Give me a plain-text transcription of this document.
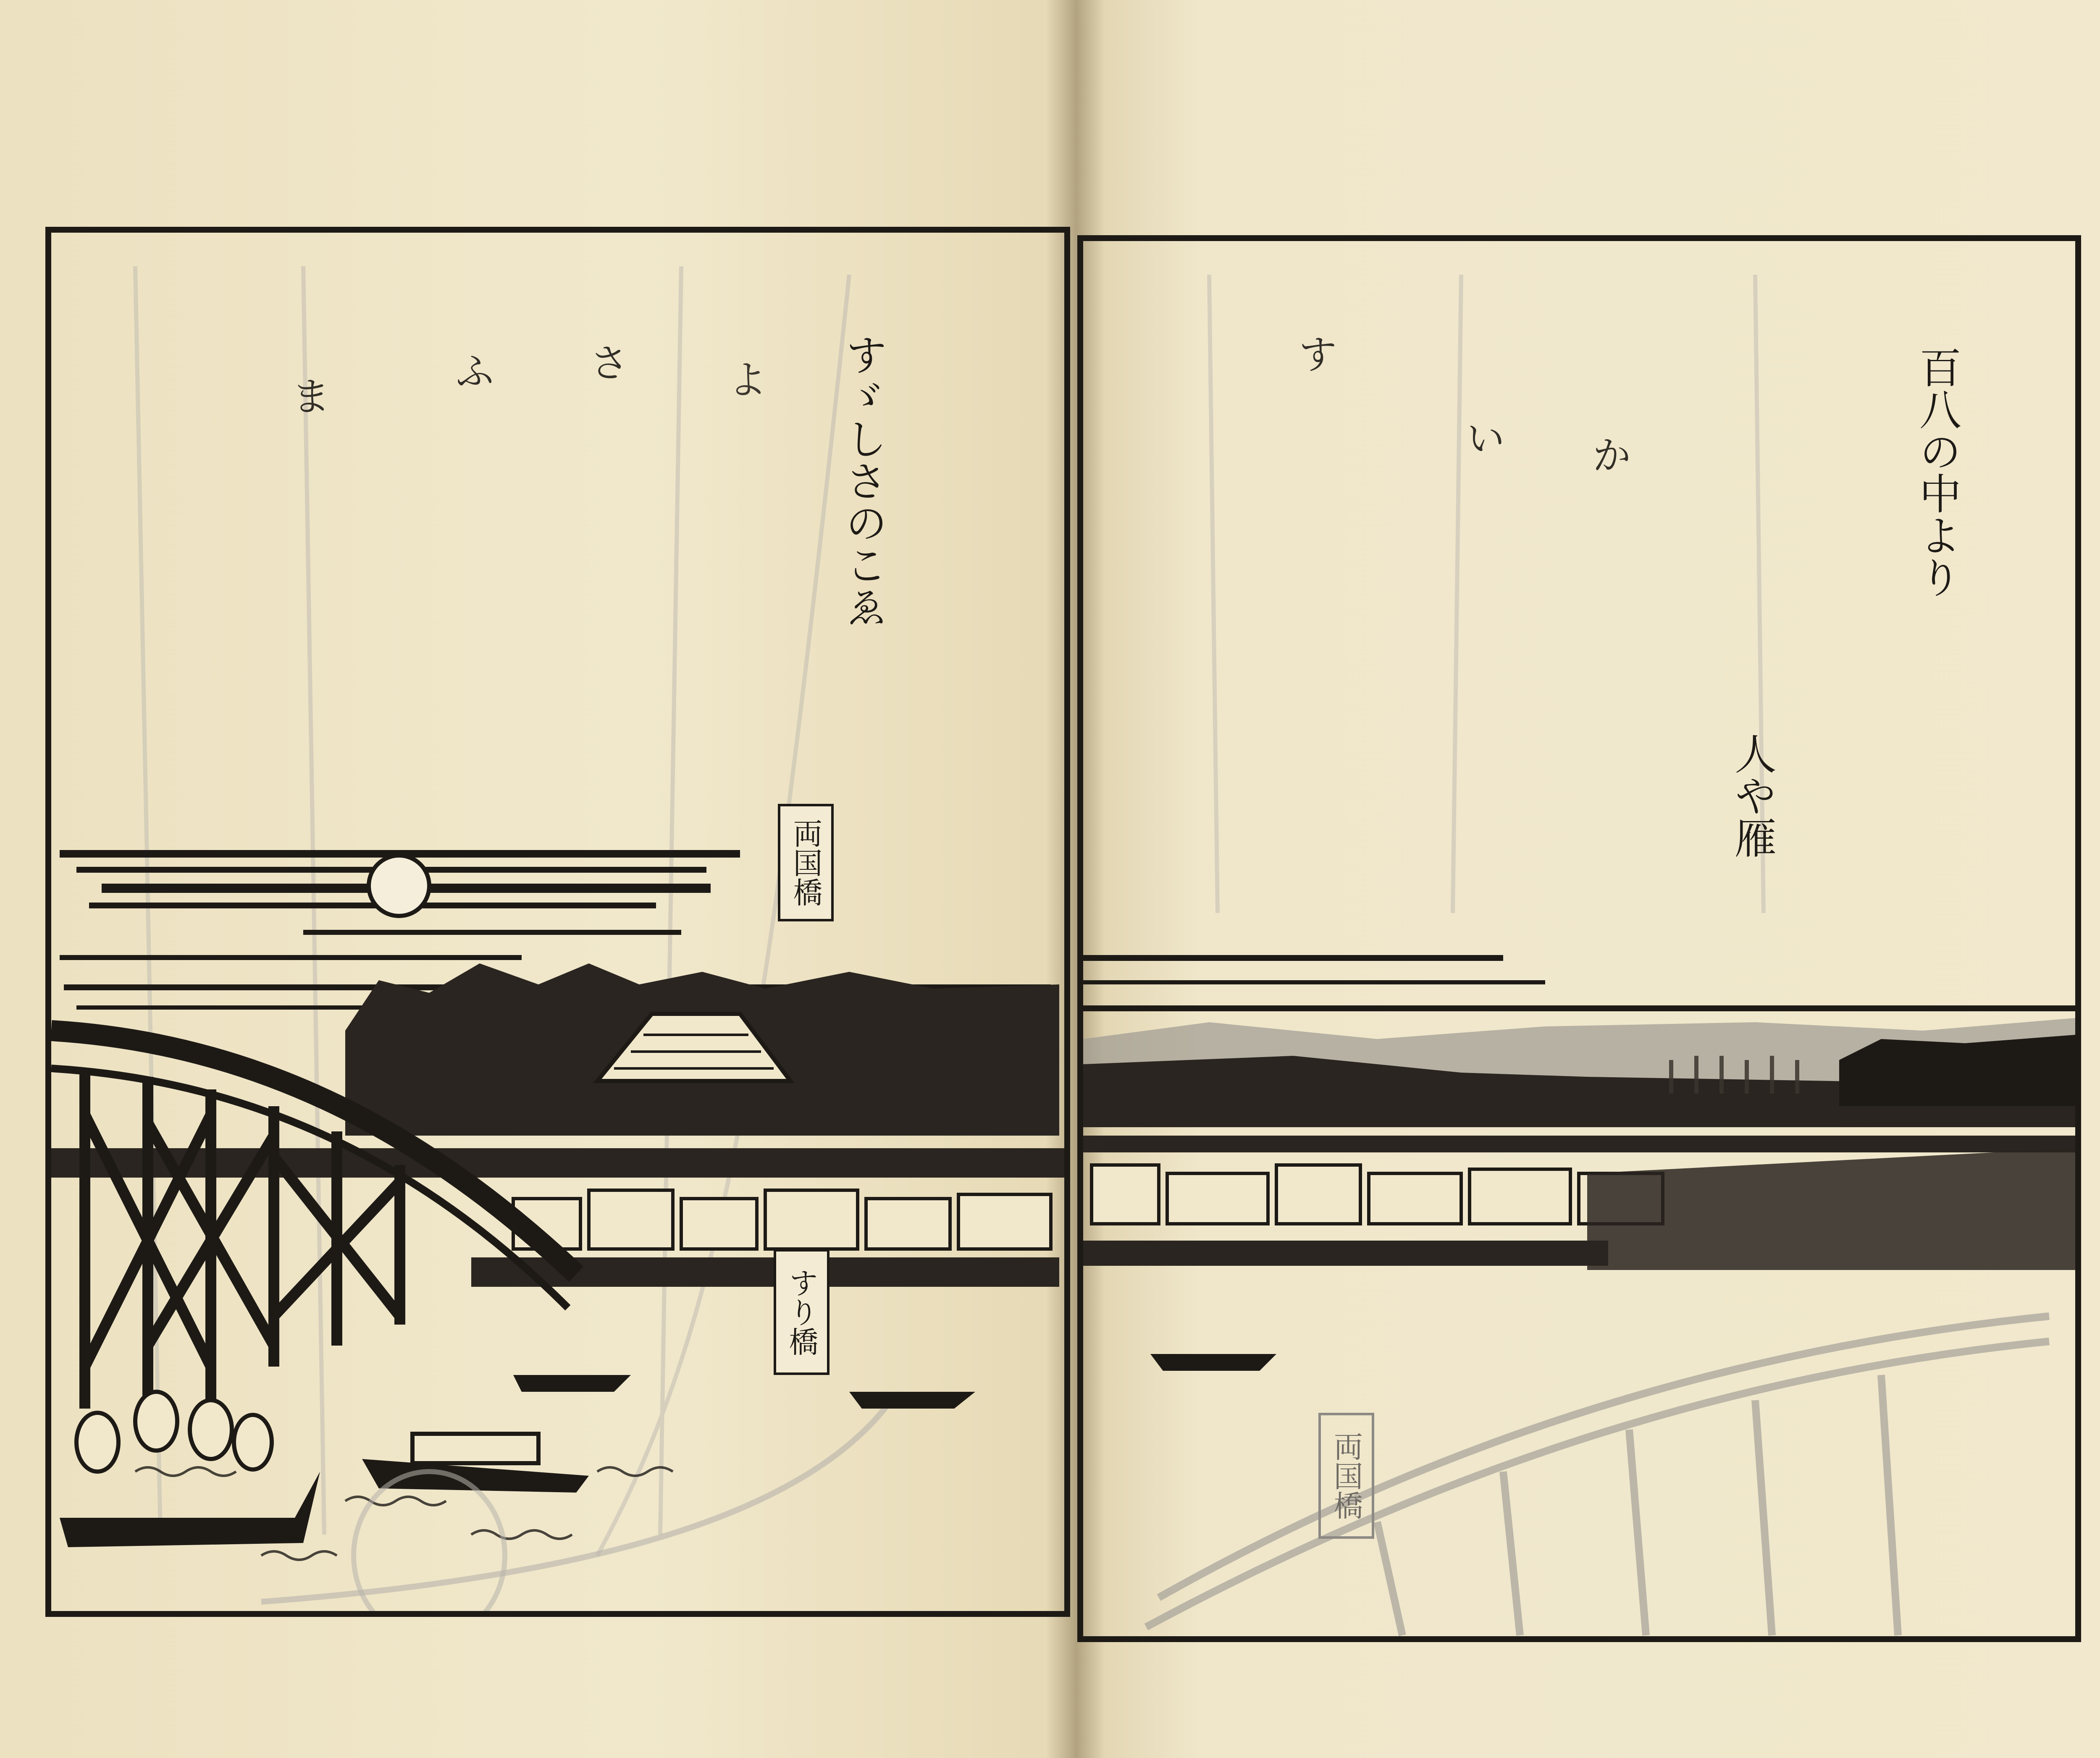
両国橋
すり橋
すゞしさのこゑ
よ
さ
ふ
ま
両国橋
百八の中より
人や雁
か
い
す
